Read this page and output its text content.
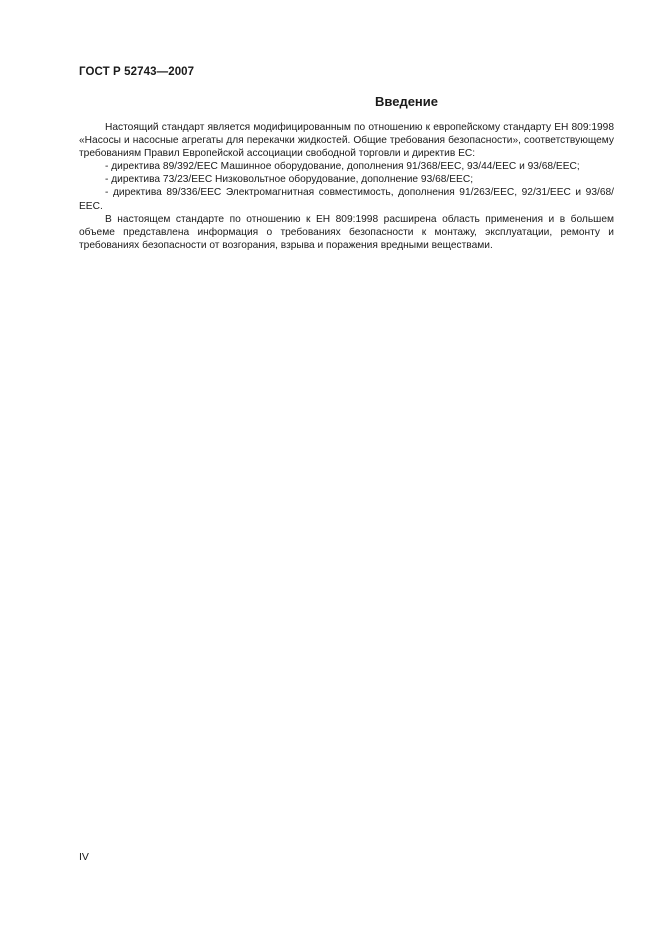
ГОСТ Р 52743—2007
Введение

Настоящий стандарт является модифицированным по отношению к европейскому стандарту ЕН 809:1998 «Насосы и насосные агрегаты для перекачки жидкостей. Общие требования безопасности», соответствующему требованиям Правил Европейской ассоциации свободной торговли и директив ЕС:

- директива 89/392/ЕЕС Машинное оборудование, дополнения 91/368/ЕЕС, 93/44/ЕЕС и 93/68/ЕЕС;

- директива 73/23/ЕЕС Низковольтное оборудование, дополнение 93/68/ЕЕС;

- директива 89/336/ЕЕС Электромагнитная совместимость, дополнения 91/263/ЕЕС, 92/31/ЕЕС и 93/68/ЕЕС.

В настоящем стандарте по отношению к ЕН 809:1998 расширена область применения и в большем объеме представлена информация о требованиях безопасности к монтажу, эксплуатации, ремонту и требованиях безопасности от возгорания, взрыва и поражения вредными веществами.

IV
